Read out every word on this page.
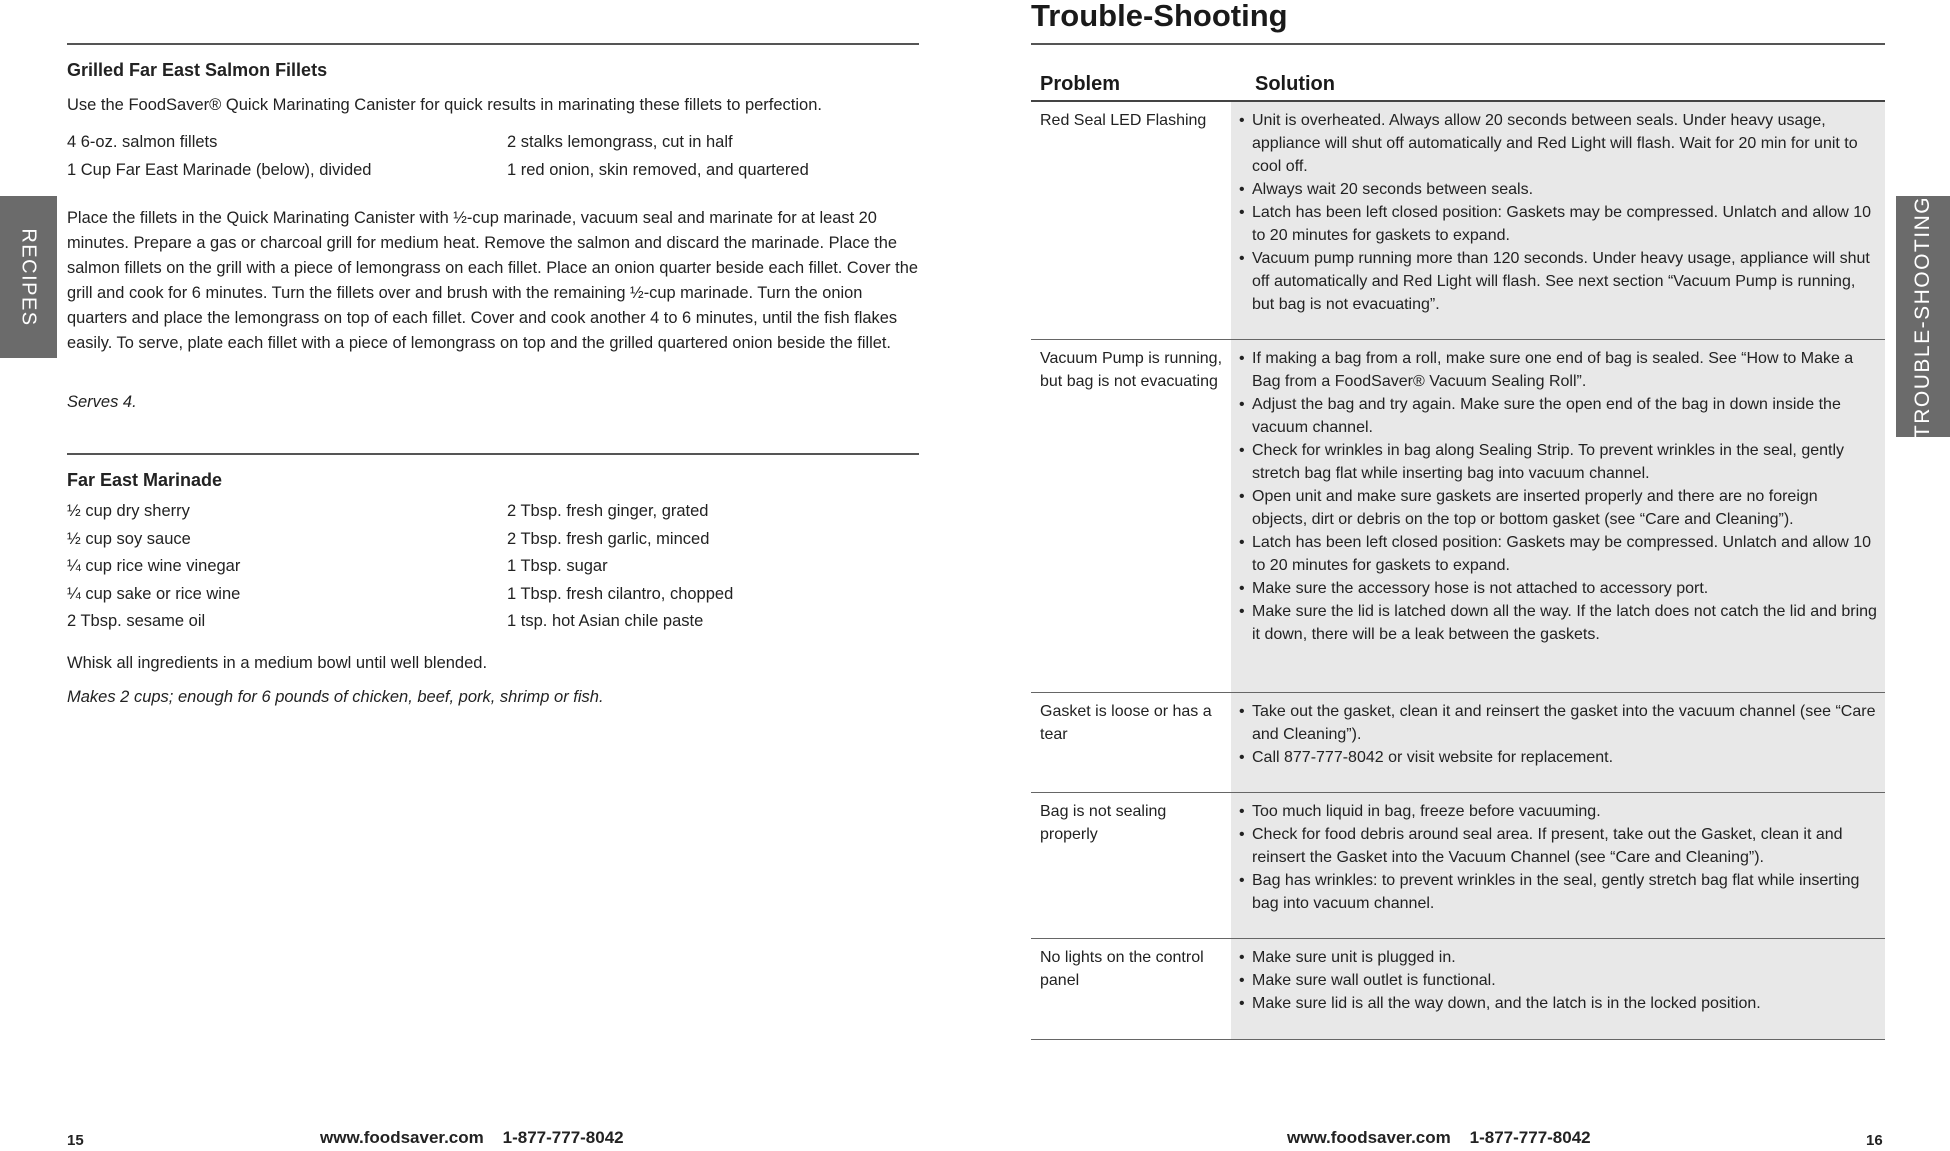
RECIPES
Grilled Far East Salmon Fillets
Use the FoodSaver® Quick Marinating Canister for quick results in marinating these fillets to perfection.
4 6-oz. salmon fillets
1 Cup Far East Marinade (below), divided
2 stalks lemongrass, cut in half
1 red onion, skin removed, and quartered
Place the fillets in the Quick Marinating Canister with ½-cup marinade, vacuum seal and marinate for at least 20 minutes. Prepare a gas or charcoal grill for medium heat. Remove the salmon and discard the marinade. Place the salmon fillets on the grill with a piece of lemongrass on each fillet. Place an onion quarter beside each fillet. Cover the grill and cook for 6 minutes. Turn the fillets over and brush with the remaining ½-cup marinade. Turn the onion quarters and place the lemongrass on top of each fillet. Cover and cook another 4 to 6 minutes, until the fish flakes easily. To serve, plate each fillet with a piece of lemongrass on top and the grilled quartered onion beside the fillet.
Serves 4.
Far East Marinade
½ cup dry sherry
½ cup soy sauce
¼ cup rice wine vinegar
¼ cup sake or rice wine
2 Tbsp. sesame oil
2 Tbsp. fresh ginger, grated
2 Tbsp. fresh garlic, minced
1 Tbsp. sugar
1 Tbsp. fresh cilantro, chopped
1 tsp. hot Asian chile paste
Whisk all ingredients in a medium bowl until well blended.
Makes 2 cups; enough for 6 pounds of chicken, beef, pork, shrimp or fish.
15	www.foodsaver.com    1-877-777-8042
Trouble-Shooting
Problem	Solution
Red Seal LED Flashing
•	Unit is overheated. Always allow 20 seconds between seals. Under heavy usage, appliance will shut off automatically and Red Light will flash. Wait for 20 min for unit to cool off.
• Always wait 20 seconds between seals.
• Latch has been left closed position: Gaskets may be compressed. Unlatch and allow 10 to 20 minutes for gaskets to expand.
• Vacuum pump running more than 120 seconds. Under heavy usage, appliance will shut off automatically and Red Light will flash. See next section “Vacuum Pump is running, but bag is not evacuating”.
Vacuum Pump is running, but bag is not evacuating
• If making a bag from a roll, make sure one end of bag is sealed. See “How to Make a Bag from a FoodSaver® Vacuum Sealing Roll”.
• Adjust the bag and try again. Make sure the open end of the bag in down inside the vacuum channel.
• Check for wrinkles in bag along Sealing Strip. To prevent wrinkles in the seal, gently stretch bag flat while inserting bag into vacuum channel.
• Open unit and make sure gaskets are inserted properly and there are no foreign objects, dirt or debris on the top or bottom gasket (see “Care and Cleaning”).
• Latch has been left closed position: Gaskets may be compressed. Unlatch and allow 10 to 20 minutes for gaskets to expand.
• Make sure the accessory hose is not attached to accessory port.
• Make sure the lid is latched down all the way. If the latch does not catch the lid and bring it down, there will be a leak between the gaskets.
Gasket is loose or has a tear
• Take out the gasket, clean it and reinsert the gasket into the vacuum channel (see “Care and Cleaning”).
• Call 877-777-8042 or visit website for replacement.
Bag is not sealing properly
• Too much liquid in bag, freeze before vacuuming.
• Check for food debris around seal area. If present, take out the Gasket, clean it and reinsert the Gasket into the Vacuum Channel (see “Care and Cleaning”).
• Bag has wrinkles: to prevent wrinkles in the seal, gently stretch bag flat while inserting bag into vacuum channel.
No lights on the control panel
• Make sure unit is plugged in.
• Make sure wall outlet is functional.
• Make sure lid is all the way down, and the latch is in the locked position.
TROUBLE-SHOOTING
www.foodsaver.com    1-877-777-8042	16
